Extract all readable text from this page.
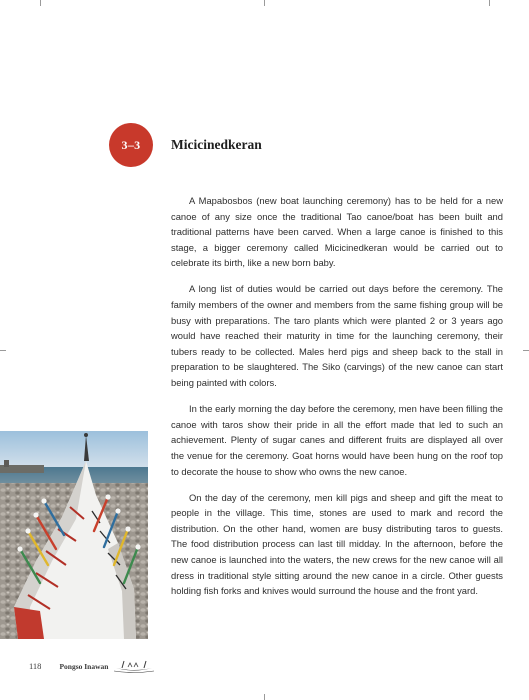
3–3 Micicinedkeran

A Mapabosbos (new boat launching ceremony) has to be held for a new canoe of any size once the traditional Tao canoe/boat has been built and traditional patterns have been carved. When a large canoe is finished to this stage, a bigger ceremony called Micicinedkeran would be carried out to celebrate its birth, like a new born baby.

A long list of duties would be carried out days before the ceremony. The family members of the owner and members from the same fishing group will be busy with preparations. The taro plants which were planted 2 or 3 years ago would have reached their maturity in time for the launching ceremony, their tubers ready to be collected. Males herd pigs and sheep back to the stall in preparation to be slaughtered. The Siko (carvings) of the new canoe can start being painted with colors.

In the early morning the day before the ceremony, men have been filling the canoe with taros show their pride in all the effort made that led to such an achievement. Plenty of sugar canes and different fruits are displayed all over the venue for the ceremony. Goat horns would have been hung on the roof top to decorate the house to show who owns the new canoe.

On the day of the ceremony, men kill pigs and sheep and gift the meat to people in the village. This time, stones are used to mark and record the distribution. On the other hand, women are busy distributing taros to guests. The food distribution process can last till midday. In the afternoon, before the new canoe is launched into the waters, the new crews for the new canoe will all dress in traditional style sitting around the new canoe in a circle. Other guests holding fish forks and knives would surround the house and the front yard.

118 Pongso Inawan
